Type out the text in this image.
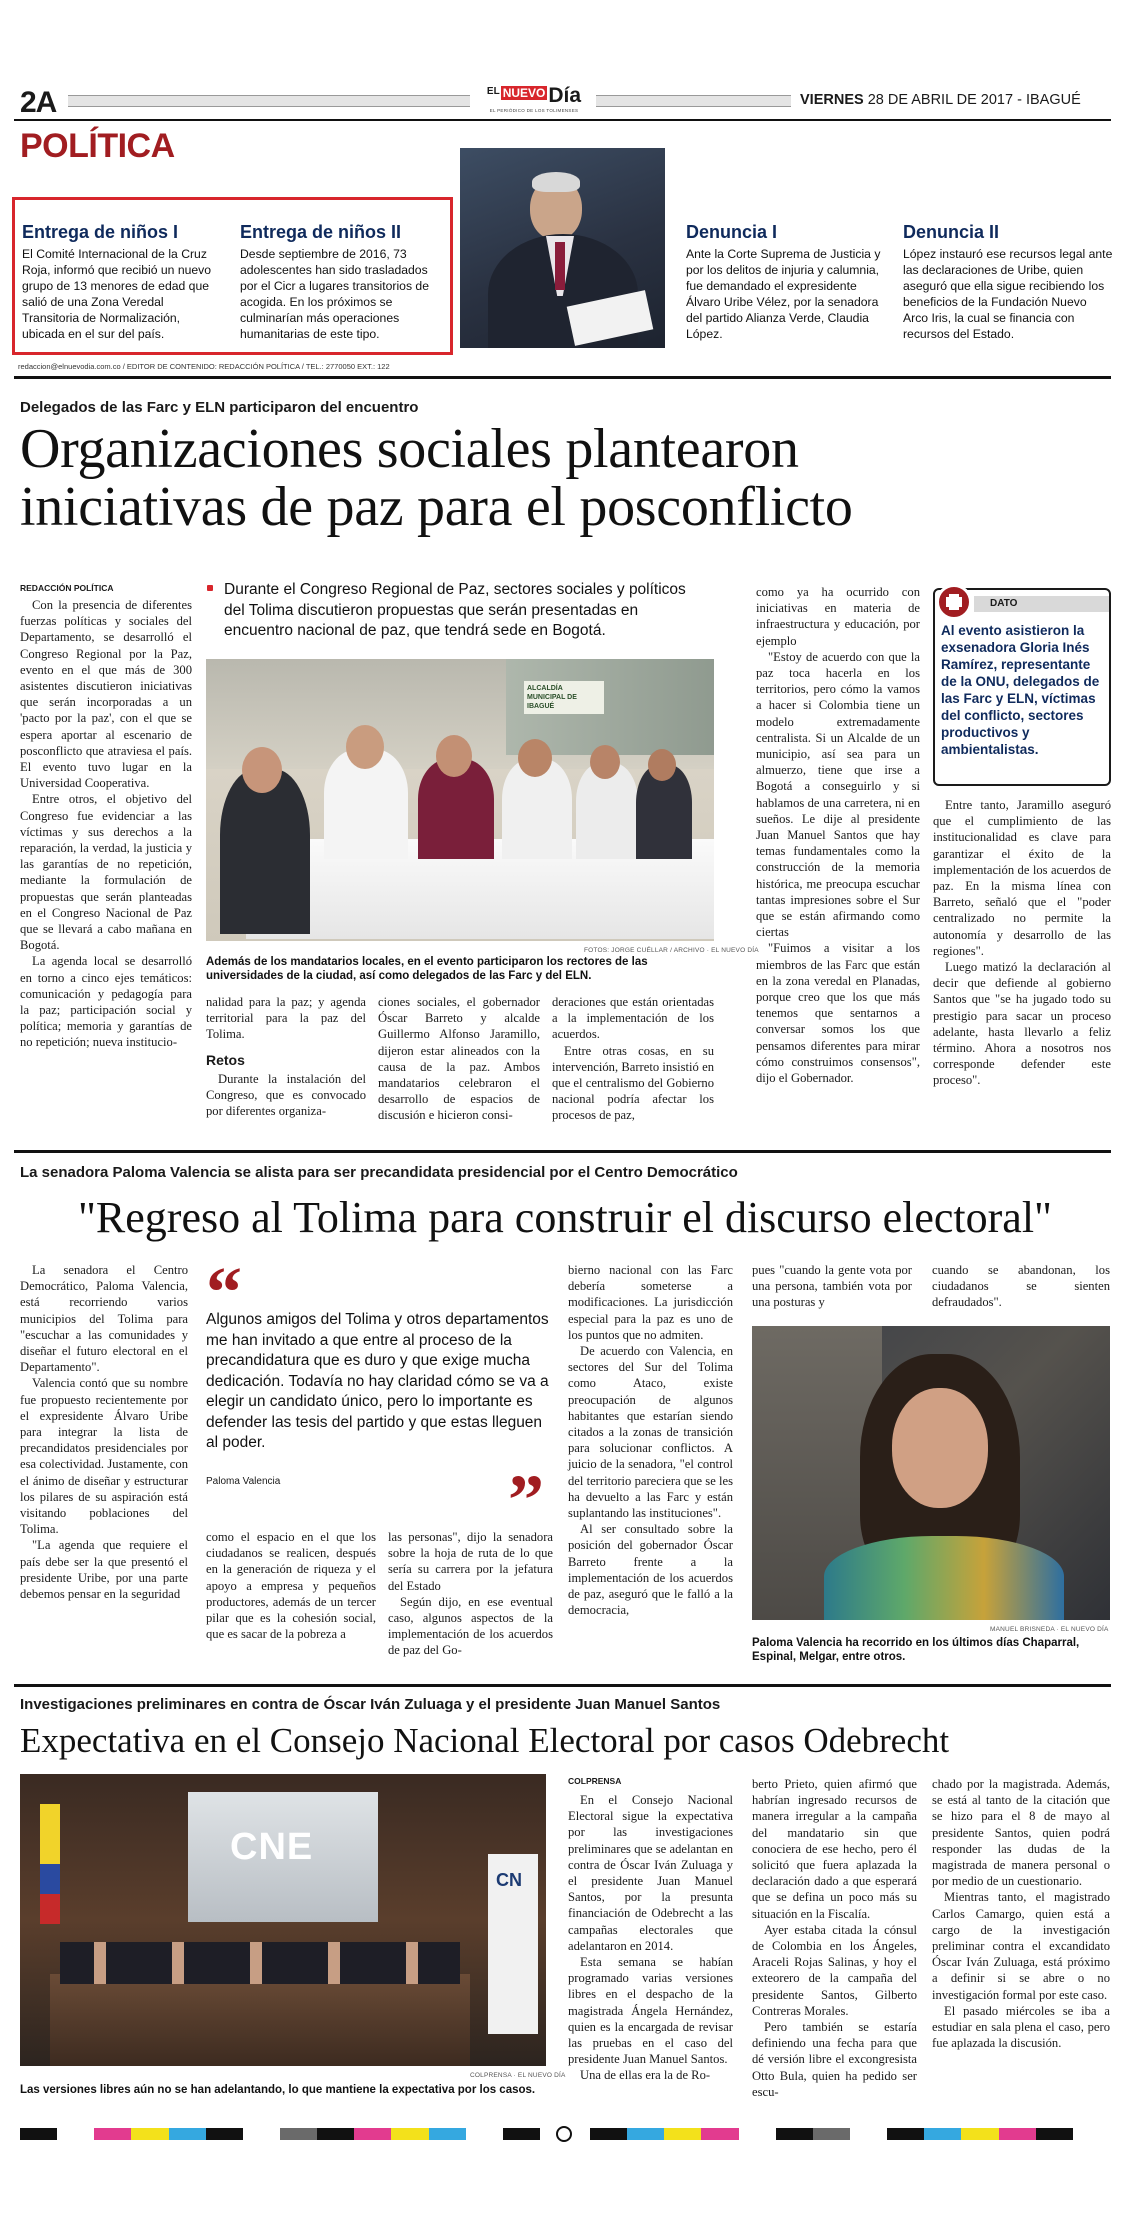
2A	$^{EL}$ $^{NUEVO}$ Día
EL PERIÓDICO DE LOS TOLIMENSES
VIERNES 28 DE ABRIL DE 2017 - IBAGUÉ
POLÍTICA
Entrega de niños I

El Comité Internacional de la Cruz Roja, informó que recibió un nuevo grupo de 13 menores de edad que salió de una Zona Veredal Transitoria de Normalización, ubicada en el sur del país.

Entrega de niños II

Desde septiembre de 2016, 73 adolescentes han sido trasladados por el Cicr a lugares transitorios de acogida. En los próximos se culminarían más operaciones humanitarias de este tipo.

Denuncia I

Ante la Corte Suprema de Justicia y por los delitos de injuria y calumnia, fue demandado el expresidente Álvaro Uribe Vélez, por la senadora del partido Alianza Verde, Claudia López.

Denuncia II

López instauró ese recursos legal ante las declaraciones de Uribe, quien aseguró que ella sigue recibiendo los beneficios de la Fundación Nuevo Arco Iris, la cual se financia con recursos del Estado.

redaccion@elnuevodia.com.co / EDITOR DE CONTENIDO: REDACCIÓN POLÍTICA / TEL.: 2770050 EXT.: 122
Delegados de las Farc y ELN participaron del encuentro
Organizaciones sociales plantearon
iniciativas de paz para el posconflicto
REDACCIÓN POLÍTICA

Con la presencia de diferentes fuerzas políticas y sociales del Departamento, se desarrolló el Congreso Regional por la Paz, evento en el que más de 300 asistentes discutieron iniciativas que serán incorporadas a un 'pacto por la paz', con el que se espera aportar al escenario de posconflicto que atraviesa el país. El evento tuvo lugar en la Universidad Cooperativa.

Entre otros, el objetivo del Congreso fue evidenciar a las víctimas y sus derechos a la reparación, la verdad, la justicia y las garantías de no repetición, mediante la formulación de propuestas que serán planteadas en el Congreso Nacional de Paz que se llevará a cabo mañana en Bogotá.

La agenda local se desarrolló en torno a cinco ejes temáticos: comunicación y pedagogía para la paz; participación social y política; memoria y garantías de no repetición; nueva institucio-

Durante el Congreso Regional de Paz, sectores sociales y políticos del Tolima discutieron propuestas que serán presentadas en encuentro nacional de paz, que tendrá sede en Bogotá.
ALCALDÍA MUNICIPAL DE IBAGUÉ
FOTOS: JORGE CUÉLLAR / ARCHIVO · EL NUEVO DÍA
Además de los mandatarios locales, en el evento participaron los rectores de las universidades de la ciudad, así como delegados de las Farc y del ELN.

nalidad para la paz; y agenda territorial para la paz del Tolima.

Retos

Durante la instalación del Congreso, que es convocado por diferentes organiza-

ciones sociales, el gobernador Óscar Barreto y alcalde Guillermo Alfonso Jaramillo, dijeron estar alineados con la causa de la paz. Ambos mandatarios celebraron el desarrollo de espacios de discusión e hicieron consi-

deraciones que están orientadas a la implementación de los acuerdos.

Entre otras cosas, en su intervención, Barreto insistió en que el centralismo del Gobierno nacional podría afectar los procesos de paz,

como ya ha ocurrido con iniciativas en materia de infraestructura y educación, por ejemplo

"Estoy de acuerdo con que la paz toca hacerla en los territorios, pero cómo la vamos a hacer si Colombia tiene un modelo extremadamente centralista. Si un Alcalde de un municipio, así sea para un almuerzo, tiene que irse a Bogotá a conseguirlo y si hablamos de una carretera, ni en sueños. Le dije al presidente Juan Manuel Santos que hay temas fundamentales como la construcción de la memoria histórica, me preocupa escuchar tantas impresiones sobre el Sur que se están afirmando como ciertas

"Fuimos a visitar a los miembros de las Farc que están en la zona veredal en Planadas, porque creo que los que más tenemos que sentarnos a conversar somos los que pensamos diferentes para mirar cómo construimos consensos", dijo el Gobernador.

DATO
Al evento asistieron la exsenadora Gloria Inés Ramírez, representante de la ONU, delegados de las Farc y ELN, víctimas del conflicto, sectores productivos y ambientalistas.

Entre tanto, Jaramillo aseguró que el cumplimiento de las institucionalidad es clave para garantizar el éxito de la implementación de los acuerdos de paz. En la misma línea con Barreto, señaló que el "poder centralizado no permite la autonomía y desarrollo de las regiones".

Luego matizó la declaración al decir que defiende al gobierno Santos que "se ha jugado todo su prestigio para sacar un proceso adelante, hasta llevarlo a feliz término. Ahora a nosotros nos corresponde defender este proceso".

La senadora Paloma Valencia se alista para ser precandidata presidencial por el Centro Democrático
"Regreso al Tolima para construir el discurso electoral"

La senadora el Centro Democrático, Paloma Valencia, está recorriendo varios municipios del Tolima para "escuchar a las comunidades y diseñar el futuro electoral en el Departamento".

Valencia contó que su nombre fue propuesto recientemente por el expresidente Álvaro Uribe para integrar la lista de precandidatos presidenciales por esa colectividad. Justamente, con el ánimo de diseñar y estructurar los pilares de su aspiración está visitando poblaciones del Tolima.

"La agenda que requiere el país debe ser la que presentó el presidente Uribe, por una parte debemos pensar en la seguridad

“
Algunos amigos del Tolima y otros departamentos me han invitado a que entre al proceso de la precandidatura que es duro y que exige mucha dedicación. Todavía no hay claridad cómo se va a elegir un candidato único, pero lo importante es defender las tesis del partido y que estas lleguen al poder.
Paloma Valencia	”

como el espacio en el que los ciudadanos se realicen, después en la generación de riqueza y el apoyo a empresa y pequeños productores, además de un tercer pilar que es la cohesión social, que es sacar de la pobreza a

las personas", dijo la senadora sobre la hoja de ruta de lo que sería su carrera por la jefatura del Estado

Según dijo, en ese eventual caso, algunos aspectos de la implementación de los acuerdos de paz del Go-

bierno nacional con las Farc debería someterse a modificaciones. La jurisdicción especial para la paz es uno de los puntos que no admiten.

De acuerdo con Valencia, en sectores del Sur del Tolima como Ataco, existe preocupación de algunos habitantes que estarían siendo citados a la zonas de transición para solucionar conflictos. A juicio de la senadora, "el control del territorio pareciera que se les ha devuelto a las Farc y están suplantando las instituciones".

Al ser consultado sobre la posición del gobernador Óscar Barreto frente a la implementación de los acuerdos de paz, aseguró que le falló a la democracia,

pues "cuando la gente vota por una persona, también vota por una posturas y

cuando se abandonan, los ciudadanos se sienten defraudados".

MANUEL BRISNEDA · EL NUEVO DÍA
Paloma Valencia ha recorrido en los últimos días Chaparral, Espinal, Melgar, entre otros.
Investigaciones preliminares en contra de Óscar Iván Zuluaga y el presidente Juan Manuel Santos
Expectativa en el Consejo Nacional Electoral por casos Odebrecht
CNE
CN
COLPRENSA · EL NUEVO DÍA
Las versiones libres aún no se han adelantando, lo que mantiene la expectativa por los casos.
COLPRENSA

En el Consejo Nacional Electoral sigue la expectativa por las investigaciones preliminares que se adelantan en contra de Óscar Iván Zuluaga y el presidente Juan Manuel Santos, por la presunta financiación de Odebrecht a las campañas electorales que adelantaron en 2014.

Esta semana se habían programado varias versiones libres en el despacho de la magistrada Ángela Hernández, quien es la encargada de revisar las pruebas en el caso del presidente Juan Manuel Santos.

Una de ellas era la de Ro-

berto Prieto, quien afirmó que habrían ingresado recursos de manera irregular a la campaña del mandatario sin que conociera de ese hecho, pero él solicitó que fuera aplazada la declaración dado a que esperará que se defina un poco más su situación en la Fiscalía.

Ayer estaba citada la cónsul de Colombia en los Ángeles, Araceli Rojas Salinas, y hoy el exteorero de la campaña del presidente Santos, Gilberto Contreras Morales.

Pero también se estaría definiendo una fecha para que dé versión libre el excongresista Otto Bula, quien ha pedido ser escu-

chado por la magistrada. Además, se está al tanto de la citación que se hizo para el 8 de mayo al presidente Santos, quien podrá responder las dudas de la magistrada de manera personal o por medio de un cuestionario.

Mientras tanto, el magistrado Carlos Camargo, quien está a cargo de la investigación preliminar contra el excandidato Óscar Iván Zuluaga, está próximo a definir si se abre o no investigación formal por este caso.

El pasado miércoles se iba a estudiar en sala plena el caso, pero fue aplazada la discusión.
